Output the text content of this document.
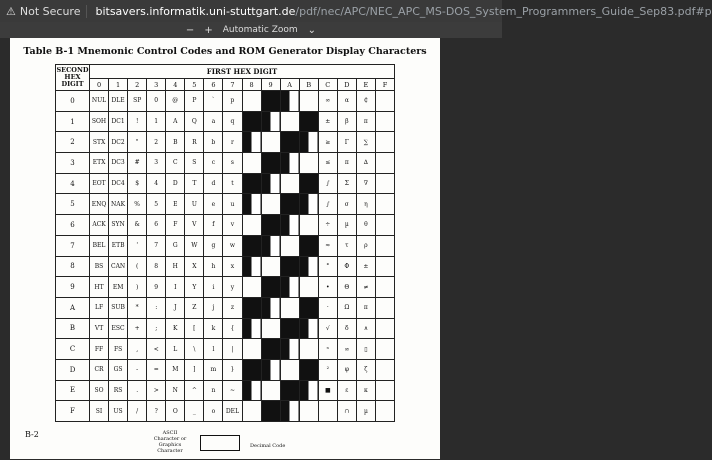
⚠ Not Secure	bitsavers.informatik.uni-stuttgart.de /pdf/nec/APC/NEC_APC_MS-DOS_System_Programmers_Guide_Sep83.pdf#p
− + Automatic Zoom ⌄
Table B-1 Mnemonic Control Codes and ROM Generator Display Characters
SECOND HEX DIGIT	FIRST HEX DIGIT															
	0	1	2	3	4	5	6	7	8	9	A	B	C	D	E	F
0	NUL	DLE	SP	0	@	P	`	p					∞	α	₵	
1	SOH	DC1	!	1	A	Q	a	q					±	β	π	
2	STX	DC2	"	2	B	R	b	r					≥	Γ	∑	
3	ETX	DC3	#	3	C	S	c	s					≤	π	∆	
4	EOT	DC4	$	4	D	T	d	t					∫	Σ	∇	
5	ENQ	NAK	%	5	E	U	e	u					∫	σ	η	
6	ACK	SYN	&	6	F	V	f	v					÷	µ	θ	
7	BEL	ETB	'	7	G	W	g	w					≈	τ	ρ	
8	BS	CAN	(	8	H	X	h	x					°	Φ	±	
9	HT	EM	)	9	I	Y	i	y					•	Θ	≠	
A	LF	SUB	*	:	J	Z	j	z					·	Ω	π	
B	VT	ESC	+	;	K	[	k	{					√	δ	∧	
C	FF	FS	,	<	L	\	l	|					ⁿ	∞	▯	
D	CR	GS	-	=	M	]	m	}					²	φ	ζ	
E	SO	RS	.	>	N	^	n	~					■	ε	κ	
F	SI	US	/	?	O	_	o	DEL						∩	µ	
B-2	ASCII Character or Graphics Character
Decimal Code
